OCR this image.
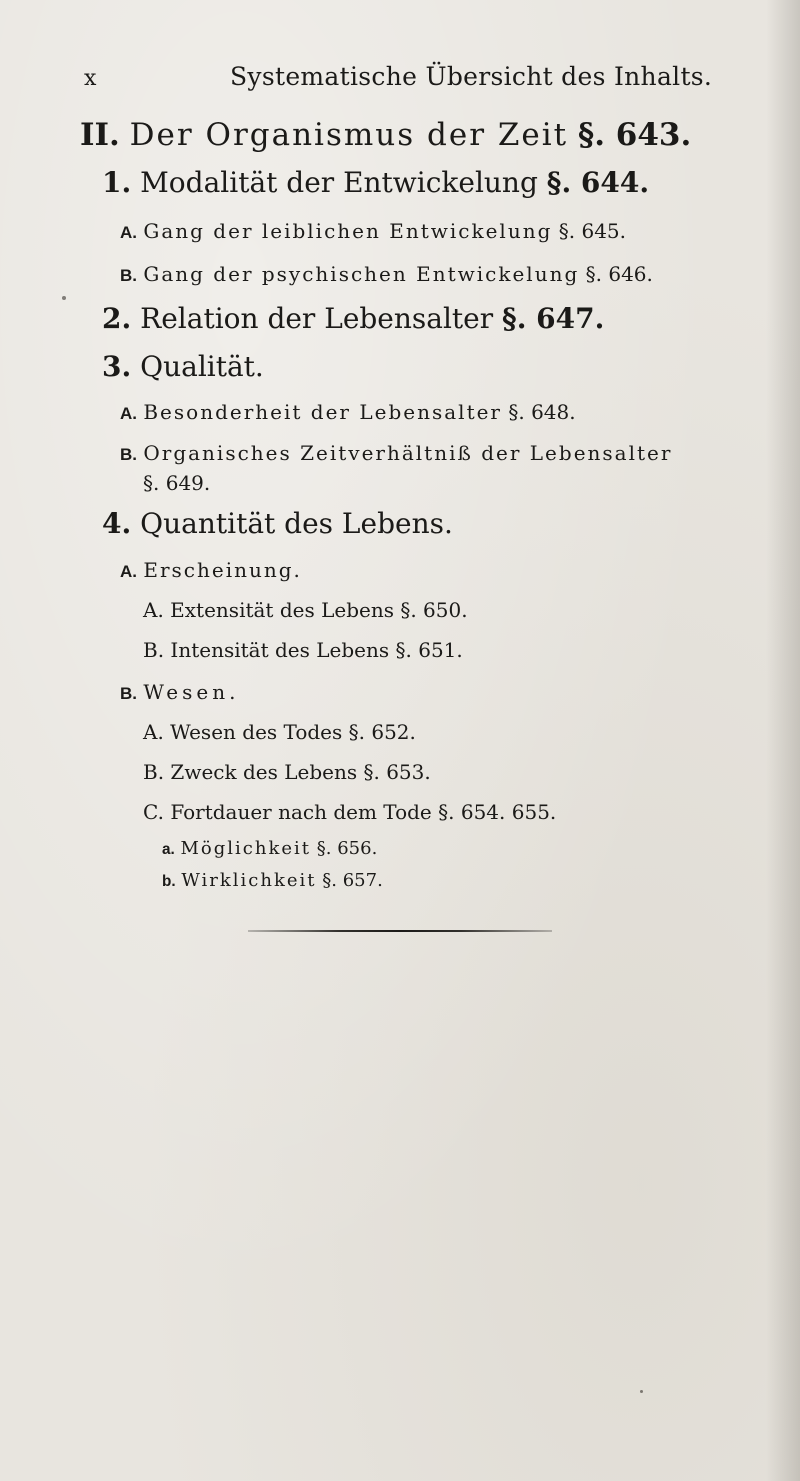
x	Systematische Übersicht des Inhalts.
II. Der Organismus der Zeit §. 643.
1. Modalität der Entwickelung §. 644.
A. Gang der leiblichen Entwickelung §. 645.
B. Gang der psychischen Entwickelung §. 646.
2. Relation der Lebensalter §. 647.
3. Qualität.
A. Besonderheit der Lebensalter §. 648.
B. Organisches Zeitverhältniß der Lebensalter
§. 649.
4. Quantität des Lebens.
A. Erscheinung.
A. Extensität des Lebens §. 650.
B. Intensität des Lebens §. 651.
B. Wesen.
A. Wesen des Todes §. 652.
B. Zweck des Lebens §. 653.
C. Fortdauer nach dem Tode §. 654. 655.
a. Möglichkeit §. 656.
b. Wirklichkeit §. 657.
